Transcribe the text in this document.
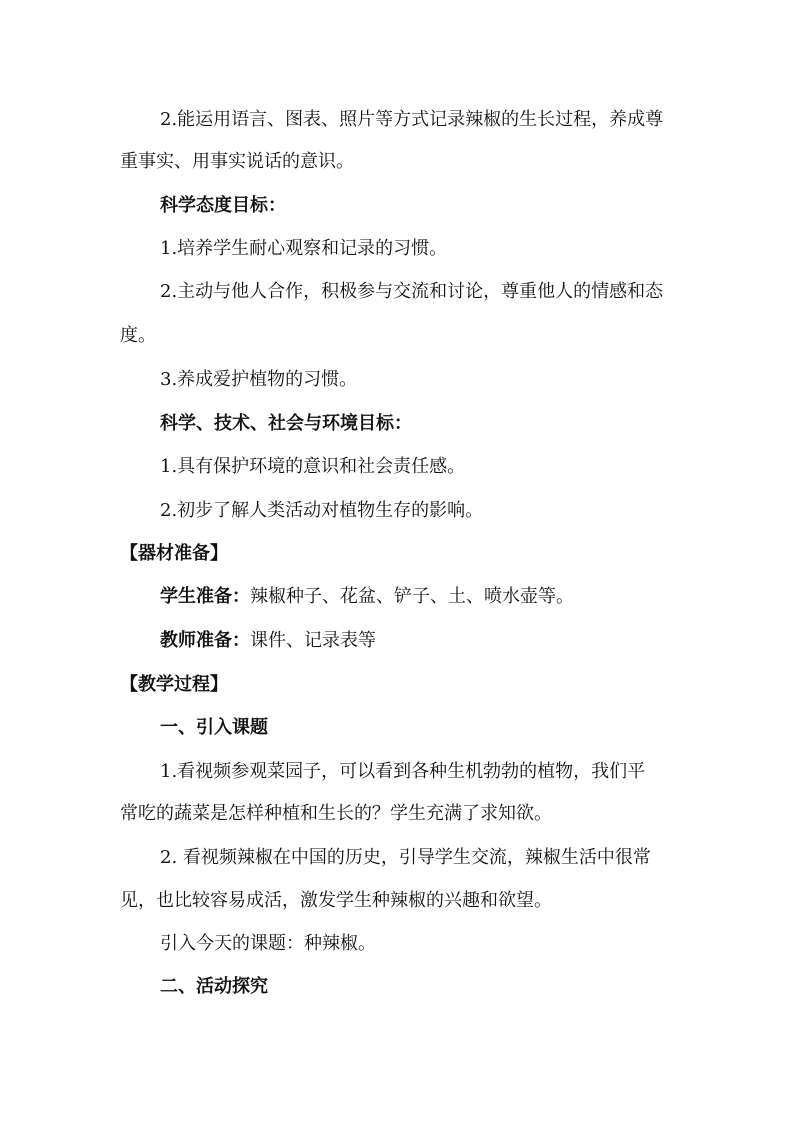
2.能运用语言、图表、照片等方式记录辣椒的生长过程，养成尊
重事实、用事实说话的意识。
科学态度目标：
1.培养学生耐心观察和记录的习惯。
2.主动与他人合作，积极参与交流和讨论，尊重他人的情感和态
度。
3.养成爱护植物的习惯。
科学、技术、社会与环境目标：
1.具有保护环境的意识和社会责任感。
2.初步了解人类活动对植物生存的影响。
【器材准备】
学生准备：辣椒种子、花盆、铲子、土、喷水壶等。
教师准备：课件、记录表等
【教学过程】
一、引入课题
1.看视频参观菜园子，可以看到各种生机勃勃的植物，我们平
常吃的蔬菜是怎样种植和生长的？学生充满了求知欲。
2. 看视频辣椒在中国的历史，引导学生交流，辣椒生活中很常
见，也比较容易成活，激发学生种辣椒的兴趣和欲望。
引入今天的课题：种辣椒。
二、活动探究
